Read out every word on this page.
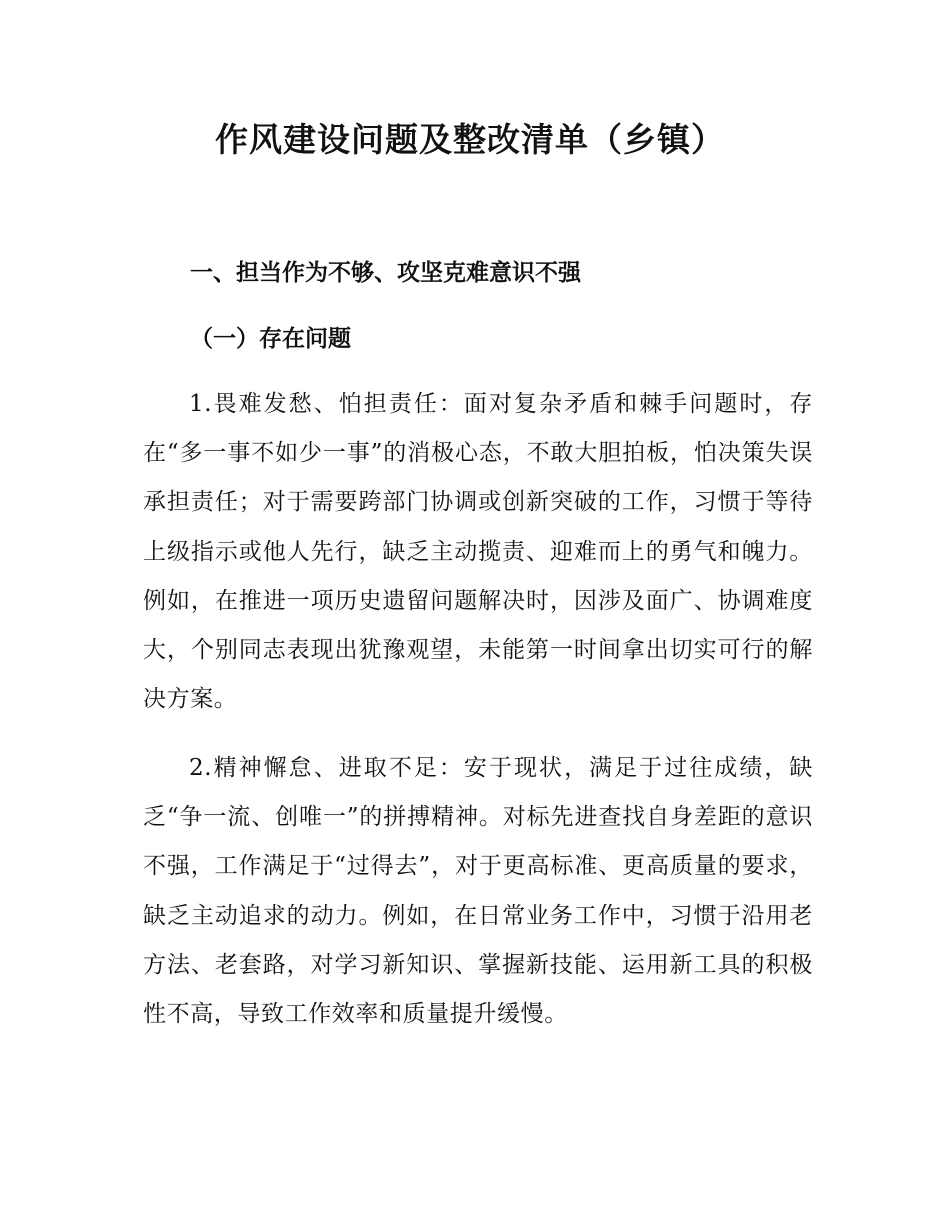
作风建设问题及整改清单（乡镇）
一、担当作为不够、攻坚克难意识不强
（一）存在问题

1.畏难发愁、怕担责任：面对复杂矛盾和棘手问题时，存在“多一事不如少一事”的消极心态，不敢大胆拍板，怕决策失误承担责任；对于需要跨部门协调或创新突破的工作，习惯于等待上级指示或他人先行，缺乏主动揽责、迎难而上的勇气和魄力。例如，在推进一项历史遗留问题解决时，因涉及面广、协调难度大，个别同志表现出犹豫观望，未能第一时间拿出切实可行的解决方案。

2.精神懈怠、进取不足：安于现状，满足于过往成绩，缺乏“争一流、创唯一”的拼搏精神。对标先进查找自身差距的意识不强，工作满足于“过得去”，对于更高标准、更高质量的要求，缺乏主动追求的动力。例如，在日常业务工作中，习惯于沿用老方法、老套路，对学习新知识、掌握新技能、运用新工具的积极性不高，导致工作效率和质量提升缓慢。
